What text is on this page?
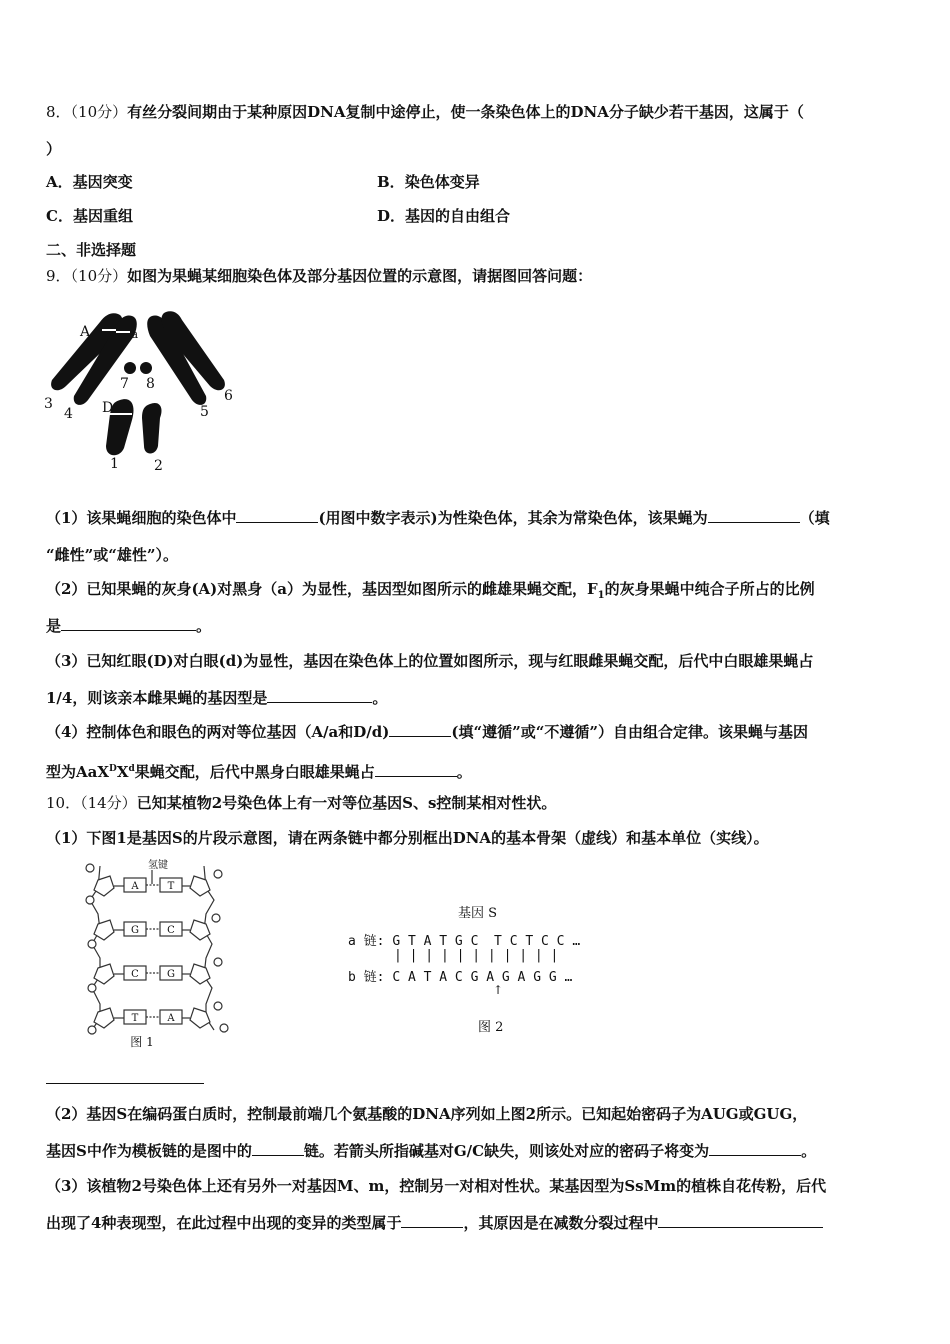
8．（10分）有丝分裂间期由于某种原因DNA复制中途停止，使一条染色体上的DNA分子缺少若干基因，这属于（
）
A．基因突变	B．染色体变异
C．基因重组	D．基因的自由组合
二、非选择题
9．（10分）如图为果蝇某细胞染色体及部分基因位置的示意图，请据图回答问题：
A	a
7 8
3
4 D	5
6
1	2
（1）该果蝇细胞的染色体中	(用图中数字表示)为性染色体，其余为常染色体，该果蝇为	（填
“雌性”或“雄性”）。
（2）已知果蝇的灰身(A)对黑身（a）为显性，基因型如图所示的雌雄果蝇交配，$F_1$的灰身果蝇中纯合子所占的比例
是	。
（3）已知红眼(D)对白眼(d)为显性，基因在染色体上的位置如图所示，现与红眼雌果蝇交配，后代中白眼雄果蝇占
1/4，则该亲本雌果蝇的基因型是	。
（4）控制体色和眼色的两对等位基因（A/a和D/d)	(填“遵循”或“不遵循”）自由组合定律。该果蝇与基因
型为$AaX^DX^d$果蝇交配，后代中黑身白眼雄果蝇占	。
10．（14分）已知某植物2号染色体上有一对等位基因S、s控制某相对性状。
（1）下图1是基因S的片段示意图，请在两条链中都分别框出DNA的基本骨架（虚线）和基本单位（实线）。
氢键
A	T
G	C
C	G
T	A
图 1
基因 S
a 链: G T A T G C  T C T C C …
| | | | | | | | | | |
b 链: C A T A C G A G A G G …
↑
图 2
（2）基因S在编码蛋白质时，控制最前端几个氨基酸的DNA序列如上图2所示。已知起始密码子为AUG或GUG，
基因S中作为模板链的是图中的	链。若箭头所指碱基对G/C缺失，则该处对应的密码子将变为	。
（3）该植物2号染色体上还有另外一对基因M、m，控制另一对相对性状。某基因型为SsMm的植株自花传粉，后代
出现了4种表现型，在此过程中出现的变异的类型属于	，其原因是在减数分裂过程中
